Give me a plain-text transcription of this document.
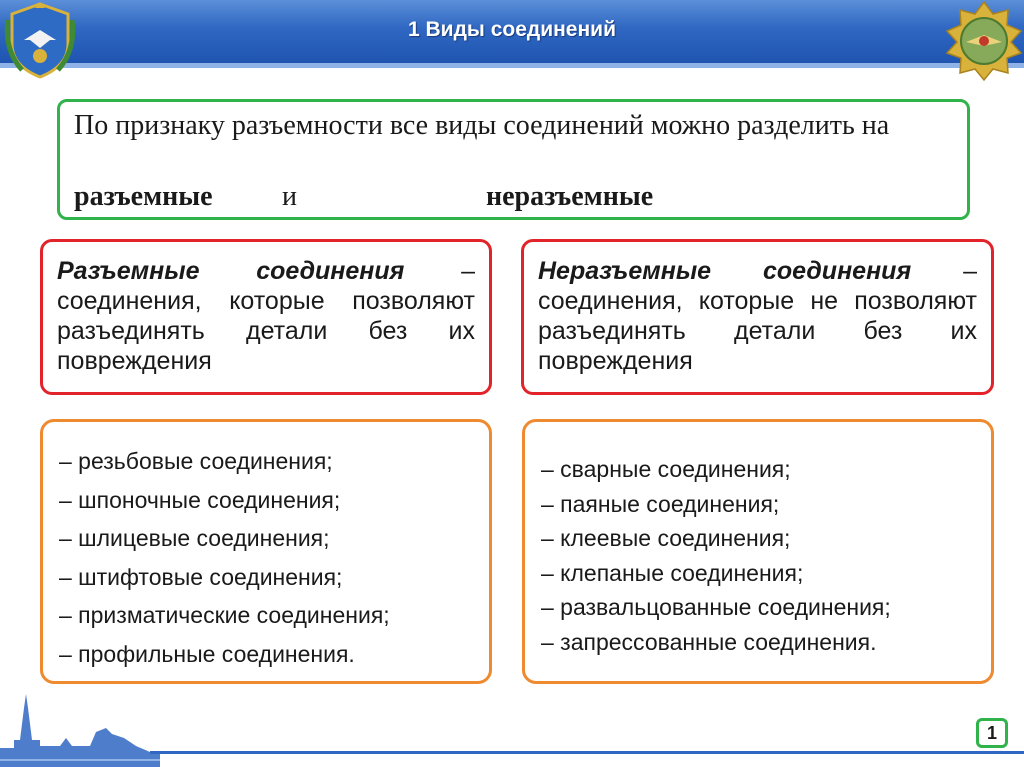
1 Виды соединений
По признаку разъемности все виды соединений можно разделить на
разъемные и	неразъемные
Разъемные соединения – соединения, которые позволяют разъединять детали без их повреждения
Неразъемные соединения – соединения, которые не позволяют разъединять детали без их повреждения
– резьбовые соединения;
– шпоночные соединения;
– шлицевые соединения;
– штифтовые соединения;
– призматические соединения;
– профильные соединения.
– сварные соединения;
– паяные соединения;
– клеевые соединения;
– клепаные соединения;
– развальцованные соединения;
– запрессованные соединения.
1
